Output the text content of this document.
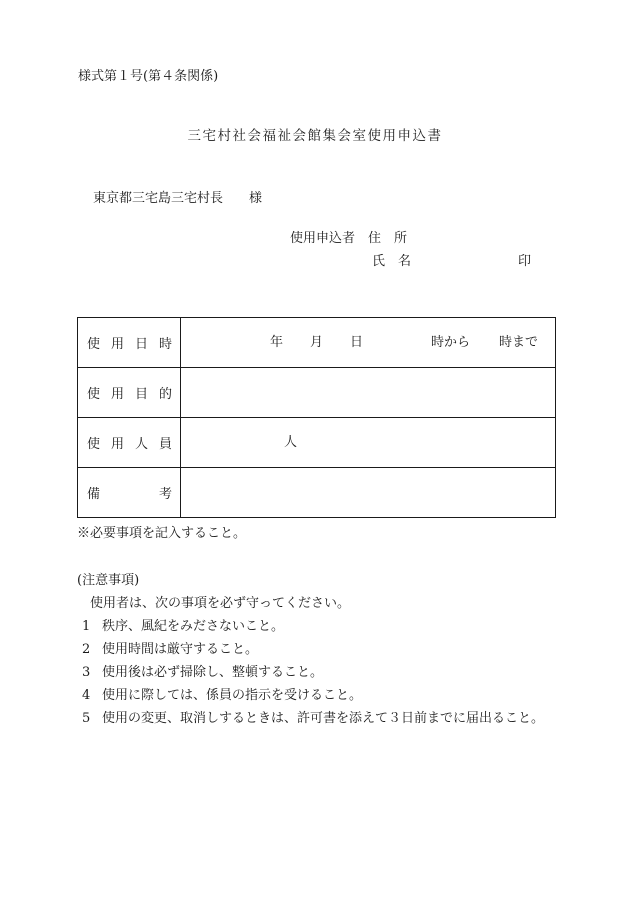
様式第１号(第４条関係)
三宅村社会福祉会館集会室使用申込書
東京都三宅島三宅村長　　様
使用申込者　住　所
氏　名	印
使 用 日 時	年 月 日 時から 時まで

使 用 目 的	

使 用 人 員	人

備 考	

※必要事項を記入すること。
(注意事項)
使用者は、次の事項を必ず守ってください。
1 秩序、風紀をみださないこと。
2 使用時間は厳守すること。
3 使用後は必ず掃除し、整頓すること。
4 使用に際しては、係員の指示を受けること。
5 使用の変更、取消しするときは、許可書を添えて３日前までに届出ること。
